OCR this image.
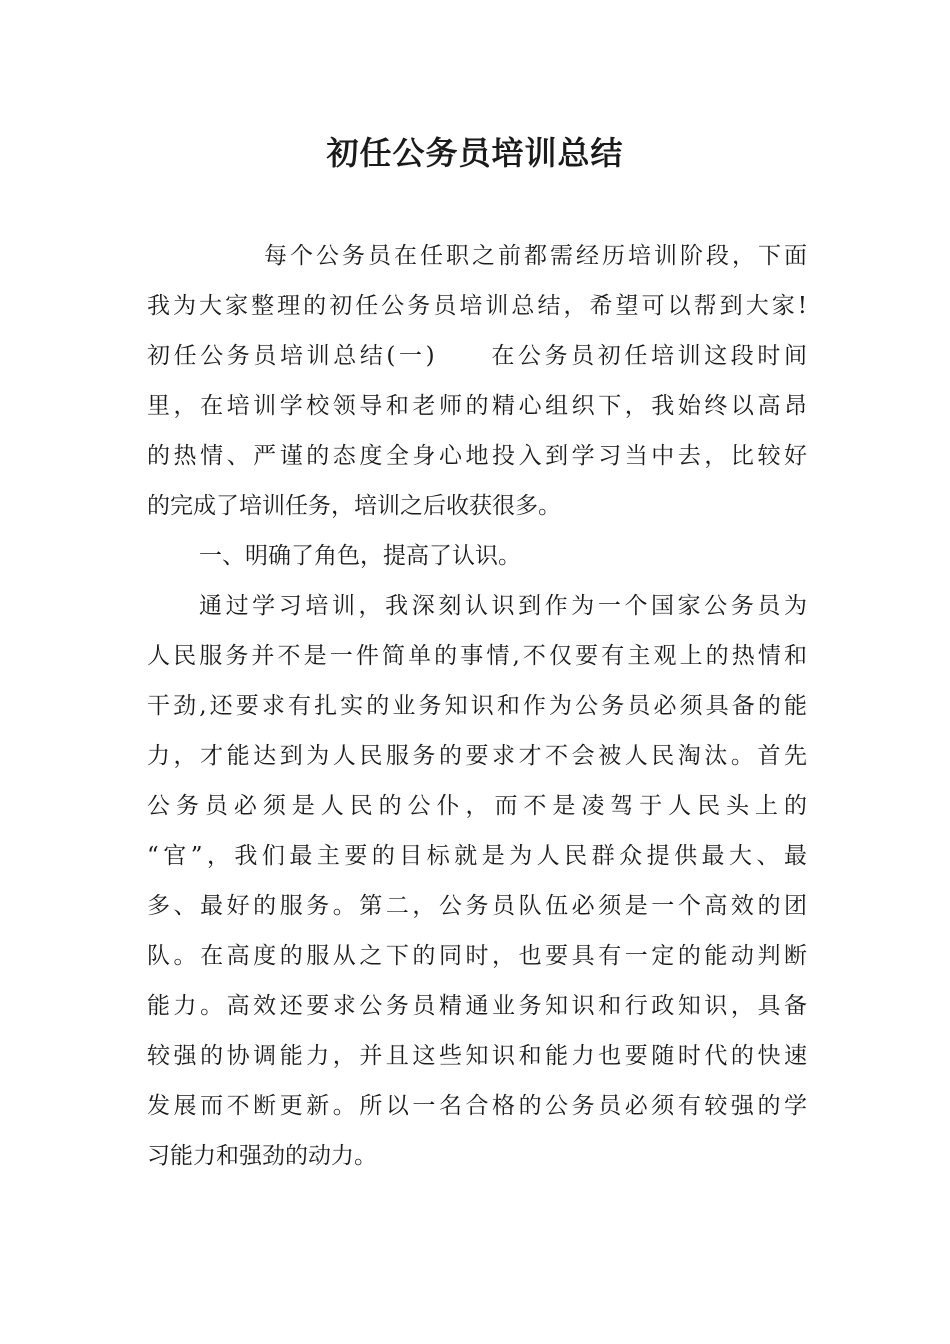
初任公务员培训总结
每个公务员在任职之前都需经历培训阶段，下面
我为大家整理的初任公务员培训总结，希望可以帮到大家!
初任公务员培训总结(一)　　在公务员初任培训这段时间
里，在培训学校领导和老师的精心组织下，我始终以高昂
的热情、严谨的态度全身心地投入到学习当中去，比较好
的完成了培训任务，培训之后收获很多。
一、明确了角色，提高了认识。
通过学习培训，我深刻认识到作为一个国家公务员为
人民服务并不是一件简单的事情,不仅要有主观上的热情和
干劲,还要求有扎实的业务知识和作为公务员必须具备的能
力，才能达到为人民服务的要求才不会被人民淘汰。首先
公务员必须是人民的公仆，而不是凌驾于人民头上的
“官”，我们最主要的目标就是为人民群众提供最大、最
多、最好的服务。第二，公务员队伍必须是一个高效的团
队。在高度的服从之下的同时，也要具有一定的能动判断
能力。高效还要求公务员精通业务知识和行政知识，具备
较强的协调能力，并且这些知识和能力也要随时代的快速
发展而不断更新。所以一名合格的公务员必须有较强的学
习能力和强劲的动力。
